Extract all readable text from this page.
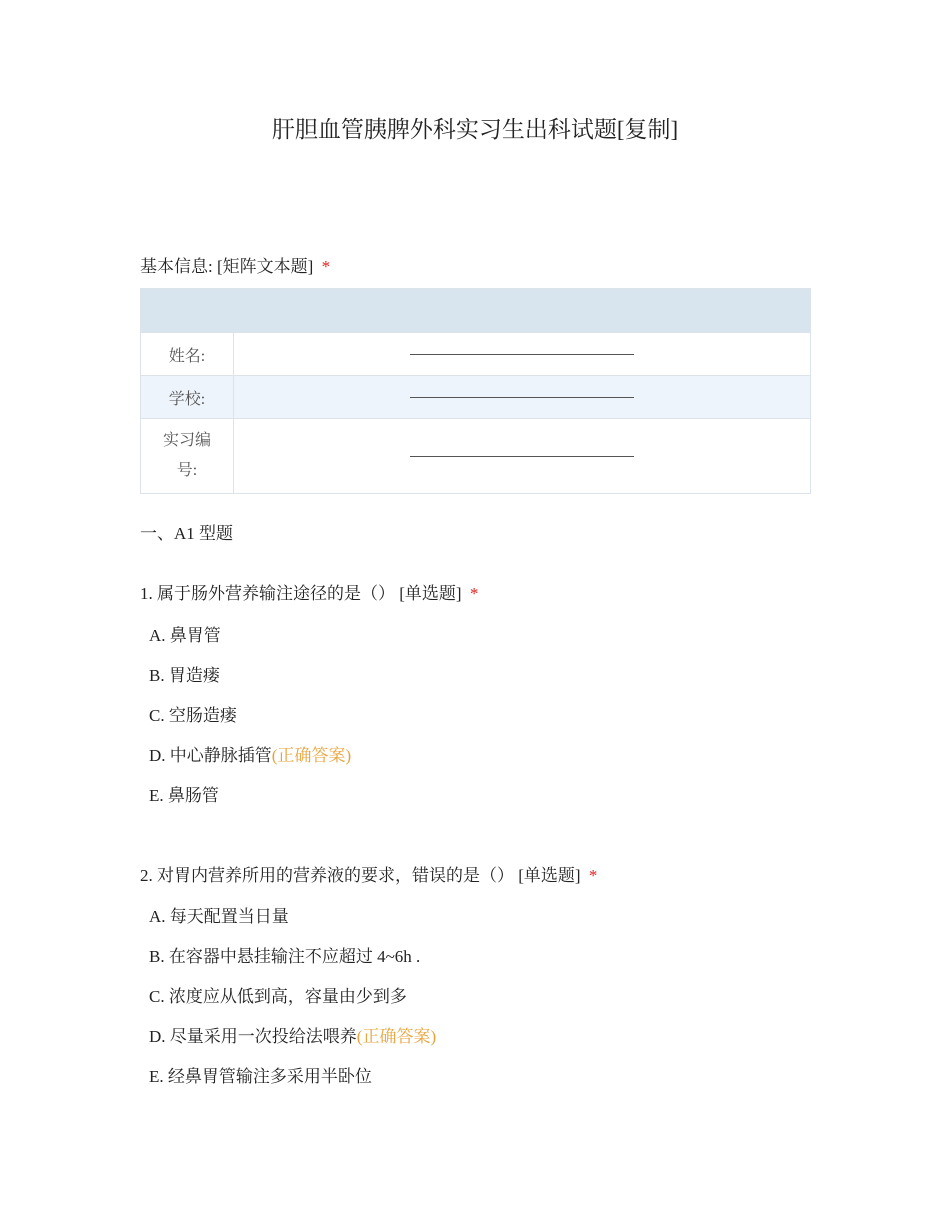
肝胆血管胰脾外科实习生出科试题[复制]
基本信息: [矩阵文本题] *

姓名:	
学校:	
实习编
号:	
一、A1 型题
1. 属于肠外营养输注途径的是（） [单选题] *
A. 鼻胃管
B. 胃造瘘
C. 空肠造瘘
D. 中心静脉插管(正确答案)
E. 鼻肠管
2. 对胃内营养所用的营养液的要求，错误的是（） [单选题] *
A. 每天配置当日量
B. 在容器中悬挂输注不应超过 4~6h .
C. 浓度应从低到高，容量由少到多
D. 尽量采用一次投给法喂养(正确答案)
E. 经鼻胃管输注多采用半卧位
